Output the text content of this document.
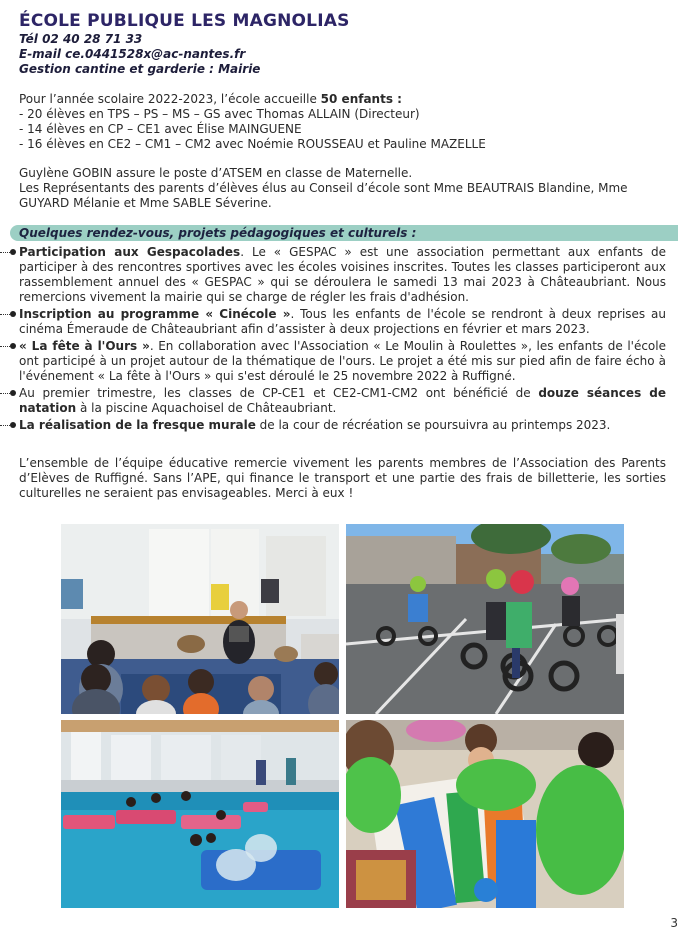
ÉCOLE PUBLIQUE LES MAGNOLIAS
Tél 02 40 28 71 33
E-mail ce.0441528x@ac-nantes.fr
Gestion cantine et garderie : Mairie
Pour l’année scolaire 2022-2023, l’école accueille 50 enfants :
- 20 élèves en TPS – PS – MS – GS avec Thomas ALLAIN (Directeur)
- 14 élèves en CP – CE1 avec Élise MAINGUENE
- 16 élèves en CE2 – CM1 – CM2 avec Noémie ROUSSEAU et Pauline MAZELLE
Guylène GOBIN assure le poste d’ATSEM en classe de Maternelle.
Les Représentants des parents d’élèves élus au Conseil d’école sont Mme BEAUTRAIS Blandine, Mme GUYARD Mélanie et Mme SABLE Séverine.
Quelques rendez-vous, projets pédagogiques et culturels :
Participation aux Gespacolades. Le « GESPAC » est une association permettant aux enfants de participer à des rencontres sportives avec les écoles voisines inscrites. Toutes les classes participeront aux rassemblement annuel des « GESPAC » qui se déroulera le samedi 13 mai 2023 à Châteaubriant. Nous remercions vivement la mairie qui se charge de régler les frais d'adhésion.
Inscription au programme « Cinécole ». Tous les enfants de l'école se rendront à deux reprises au cinéma Émeraude de Châteaubriant afin d’assister à deux projections en février et mars 2023.
« La fête à l'Ours ». En collaboration avec l'Association « Le Moulin à Roulettes », les enfants de l'école ont participé à un projet autour de la thématique de l'ours. Le projet a été mis sur pied afin de faire écho à l'événement « La fête à l'Ours » qui s'est déroulé le 25 novembre 2022 à Ruffigné.
Au premier trimestre, les classes de CP-CE1 et CE2-CM1-CM2 ont bénéficié de douze séances de natation à la piscine Aquachoisel de Châteaubriant.
La réalisation de la fresque murale de la cour de récréation se poursuivra au printemps 2023.
L’ensemble de l’équipe éducative remercie vivement les parents membres de l’Association des Parents d’Elèves de Ruffigné. Sans l’APE, qui finance le transport et une partie des frais de billetterie, les sorties culturelles ne seraient pas envisageables. Merci à eux !
3
